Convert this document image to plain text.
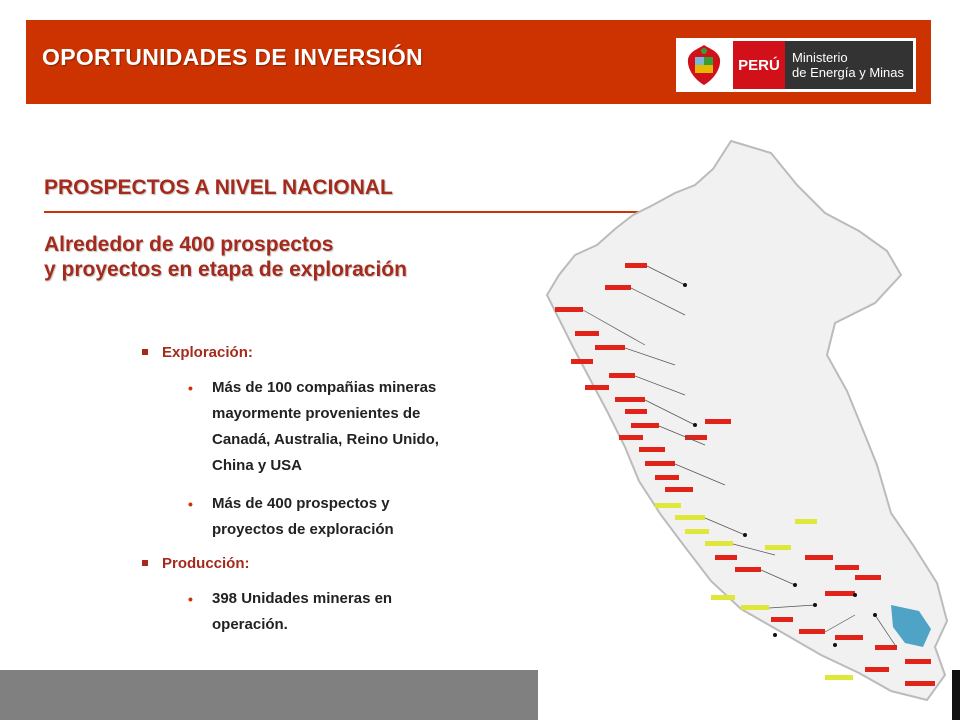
OPORTUNIDADES DE INVERSIÓN	PERÚ Ministerio
de Energía y Minas
PROSPECTOS A NIVEL NACIONAL
Alrededor de 400 prospectos
y proyectos en etapa de exploración
Exploración:
• Más de 100 compañias mineras
mayormente provenientes de
Canadá, Australia, Reino Unido,
China y USA
• Más de 400 prospectos y
proyectos de exploración
Producción:
• 398 Unidades mineras en
operación.
